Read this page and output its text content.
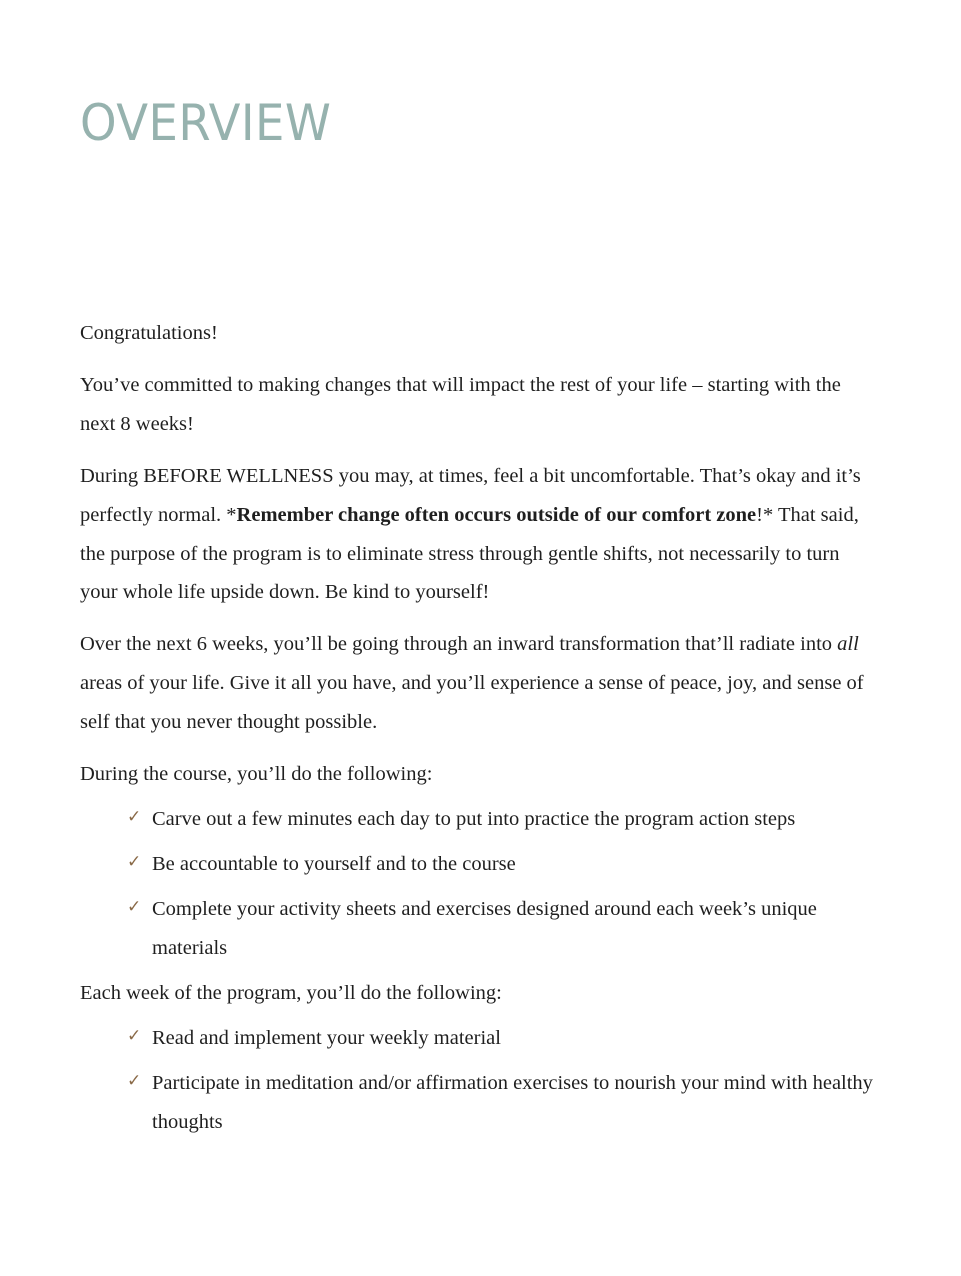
OVERVIEW

Congratulations!

You’ve committed to making changes that will impact the rest of your life – starting with the next 8 weeks!

During BEFORE WELLNESS you may, at times, feel a bit uncomfortable. That’s okay and it’s perfectly normal. *Remember change often occurs outside of our comfort zone!* That said, the purpose of the program is to eliminate stress through gentle shifts, not necessarily to turn your whole life upside down. Be kind to yourself!

Over the next 6 weeks, you’ll be going through an inward transformation that’ll radiate into all areas of your life. Give it all you have, and you’ll experience a sense of peace, joy, and sense of self that you never thought possible.

During the course, you’ll do the following:

✓ Carve out a few minutes each day to put into practice the program action steps
✓ Be accountable to yourself and to the course
✓ Complete your activity sheets and exercises designed around each week’s unique materials

Each week of the program, you’ll do the following:

✓ Read and implement your weekly material
✓ Participate in meditation and/or affirmation exercises to nourish your mind with healthy thoughts
